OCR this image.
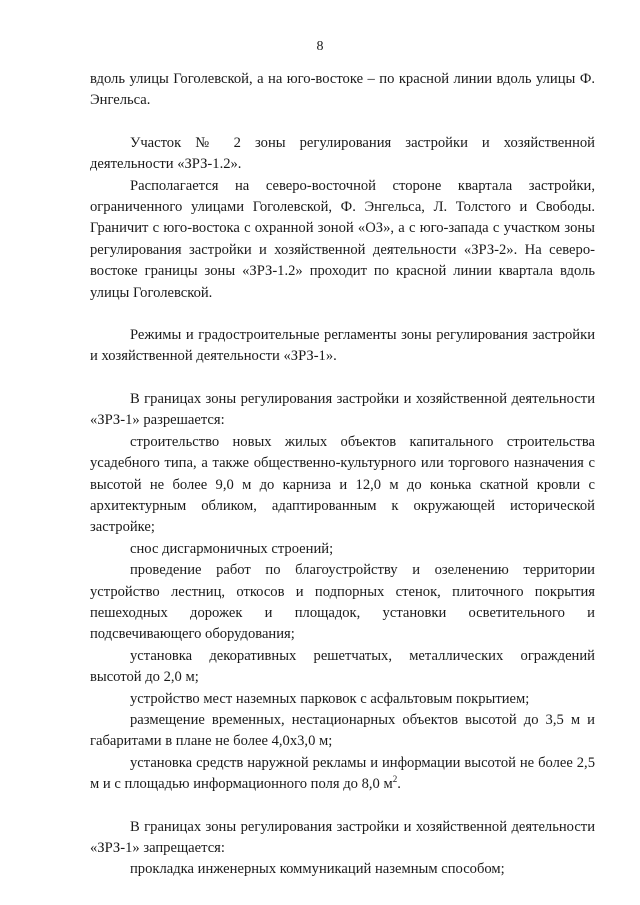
8

вдоль улицы Гоголевской, а на юго-востоке – по красной линии вдоль улицы Ф. Энгельса.

Участок № 2 зоны регулирования застройки и хозяйственной деятельности «ЗРЗ-1.2».

Располагается на северо-восточной стороне квартала застройки, ограниченного улицами Гоголевской, Ф. Энгельса, Л. Толстого и Свободы. Граничит с юго-востока с охранной зоной «ОЗ», а с юго-запада с участком зоны регулирования застройки и хозяйственной деятельности «ЗРЗ-2». На северо-востоке границы зоны «ЗРЗ-1.2» проходит по красной линии квартала вдоль улицы Гоголевской.

Режимы и градостроительные регламенты зоны регулирования застройки и хозяйственной деятельности «ЗРЗ-1».

В границах зоны регулирования застройки и хозяйственной деятельности «ЗРЗ-1» разрешается:

строительство новых жилых объектов капитального строительства усадебного типа, а также общественно-культурного или торгового назначения с высотой не более 9,0 м до карниза и 12,0 м до конька скатной кровли с архитектурным обликом, адаптированным к окружающей исторической застройке;

снос дисгармоничных строений;

проведение работ по благоустройству и озеленению территории устройство лестниц, откосов и подпорных стенок, плиточного покрытия пешеходных дорожек и площадок, установки осветительного и подсвечивающего оборудования;

установка декоративных решетчатых, металлических ограждений высотой до 2,0 м;

устройство мест наземных парковок с асфальтовым покрытием;

размещение временных, нестационарных объектов высотой до 3,5 м и габаритами в плане не более 4,0х3,0 м;

установка средств наружной рекламы и информации высотой не более 2,5 м и с площадью информационного поля до 8,0 $м^2$.

В границах зоны регулирования застройки и хозяйственной деятельности «ЗРЗ-1» запрещается:

прокладка инженерных коммуникаций наземным способом;
